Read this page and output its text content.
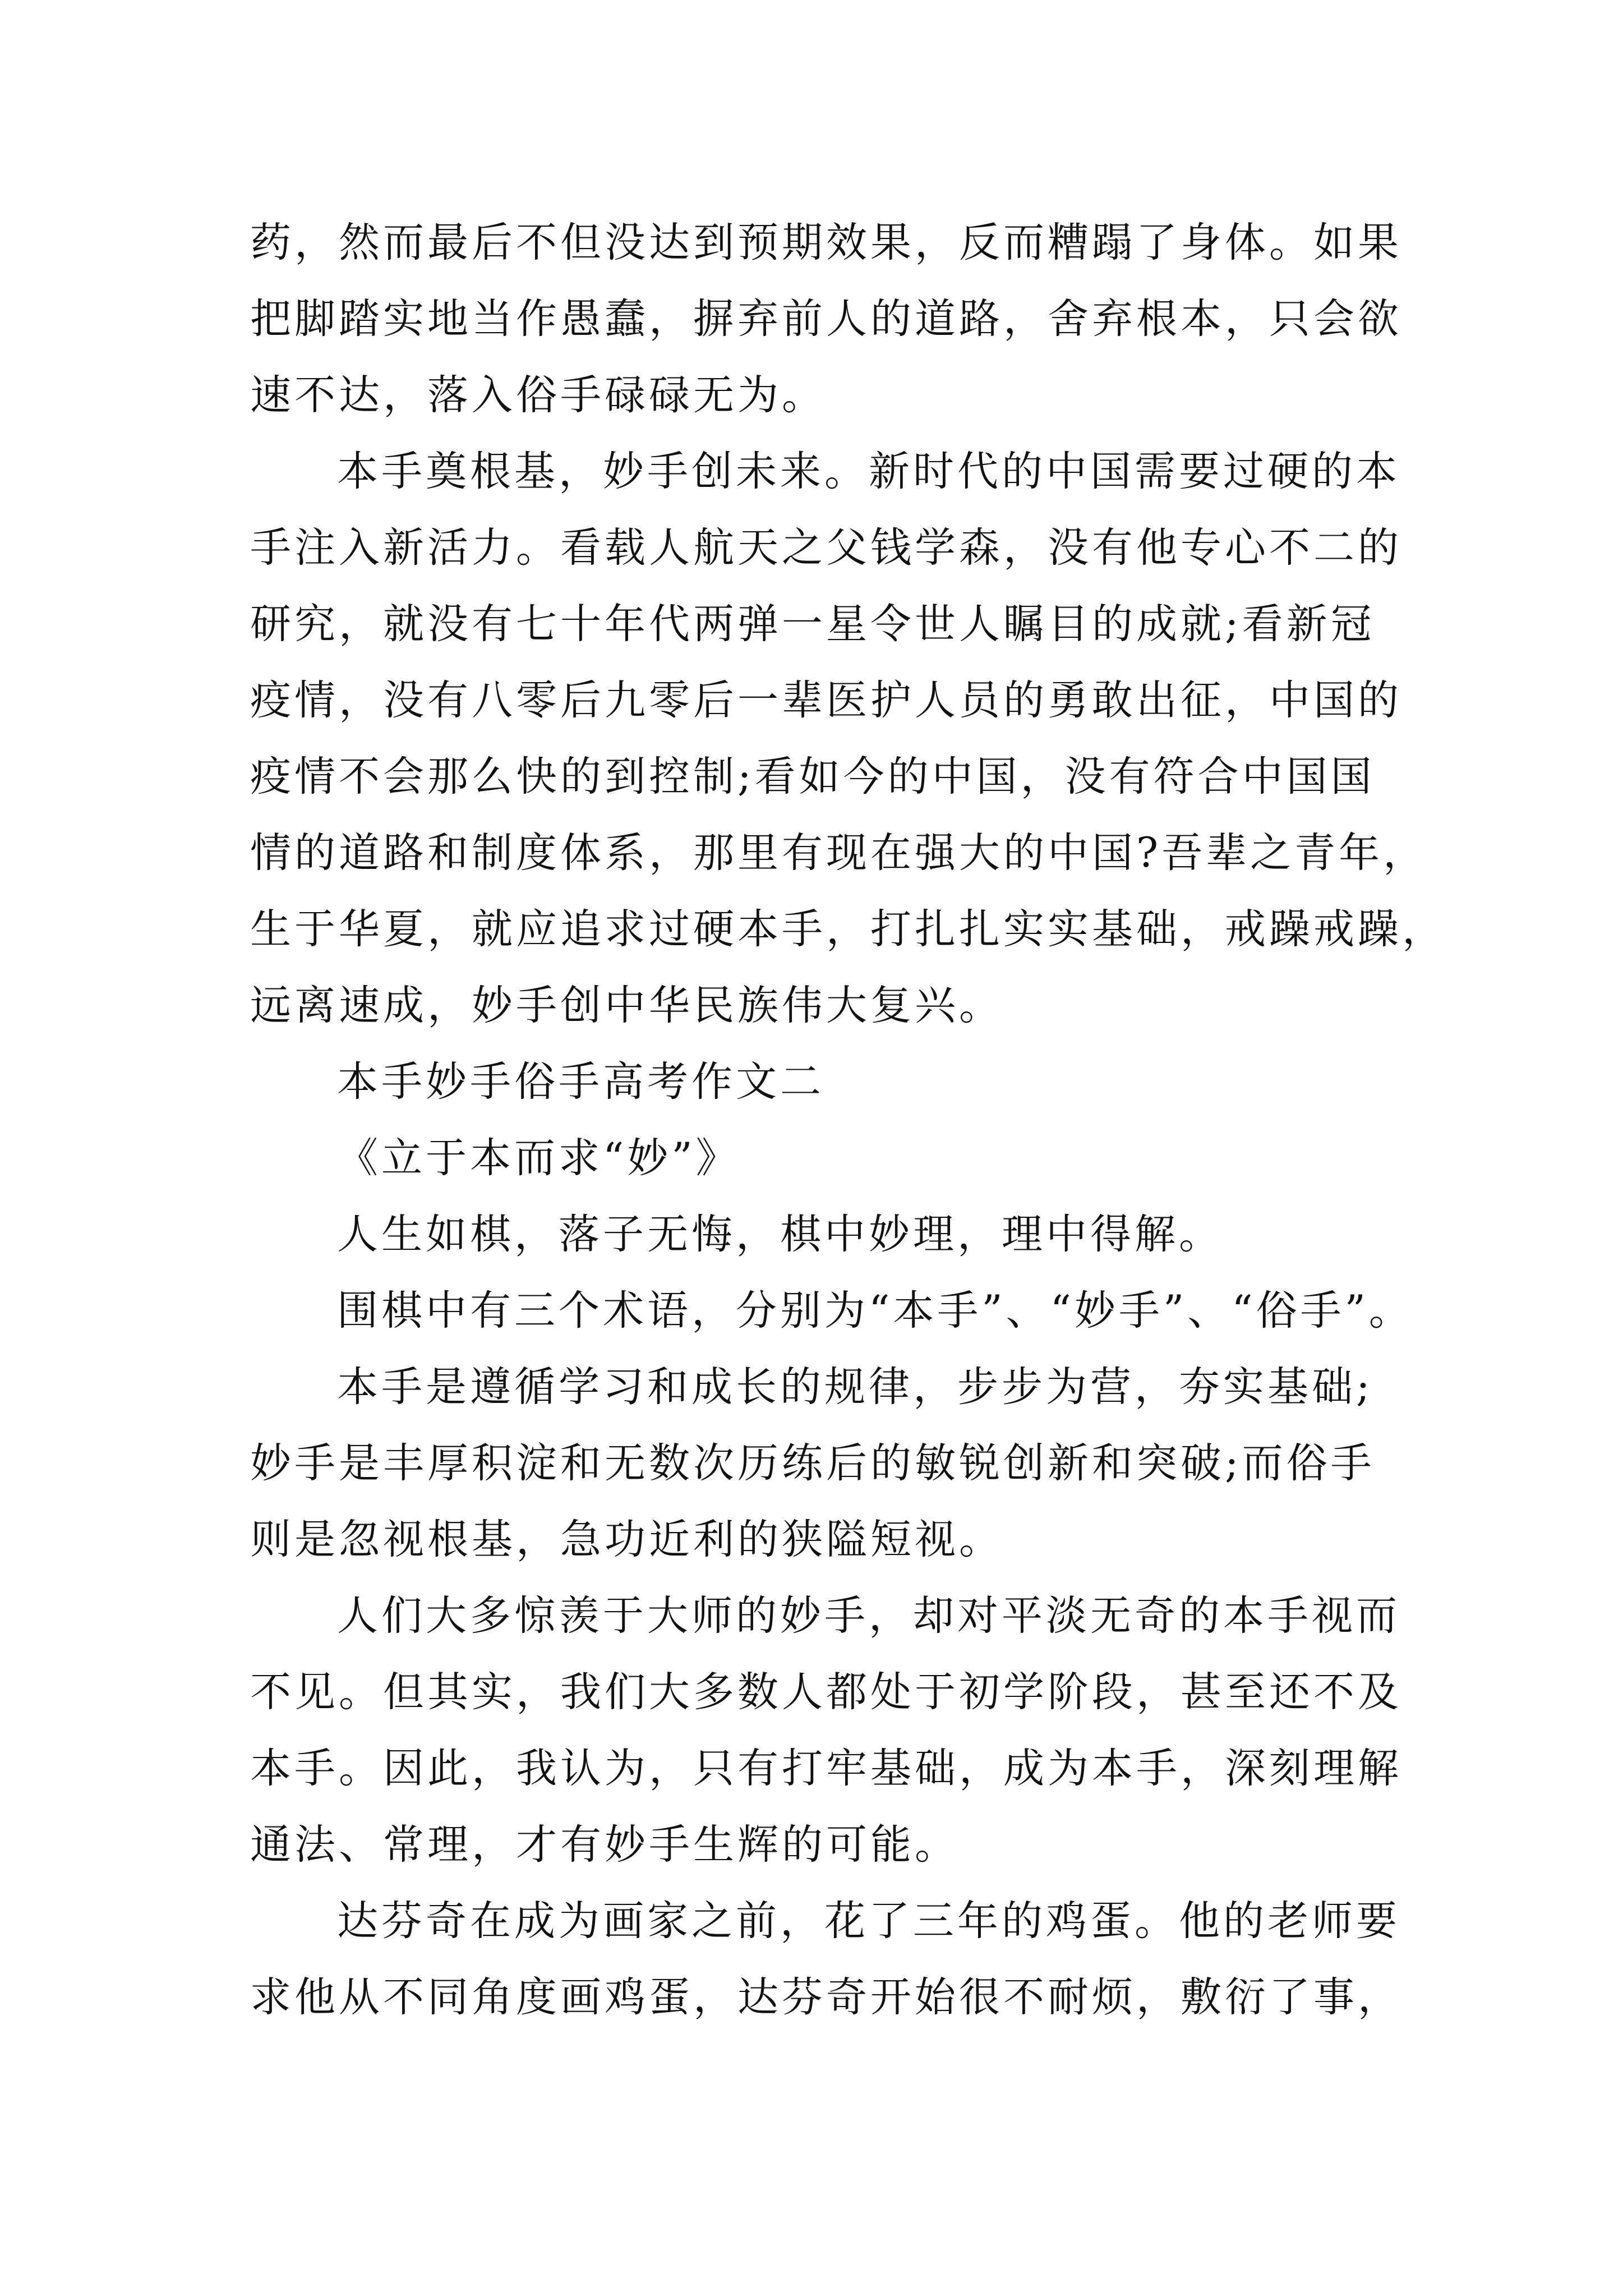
药，然而最后不但没达到预期效果，反而糟蹋了身体。如果
把脚踏实地当作愚蠢，摒弃前人的道路，舍弃根本，只会欲
速不达，落入俗手碌碌无为。
本手奠根基，妙手创未来。新时代的中国需要过硬的本
手注入新活力。看载人航天之父钱学森，没有他专心不二的
研究，就没有七十年代两弹一星令世人瞩目的成就;看新冠
疫情，没有八零后九零后一辈医护人员的勇敢出征，中国的
疫情不会那么快的到控制;看如今的中国，没有符合中国国
情的道路和制度体系，那里有现在强大的中国?吾辈之青年，
生于华夏，就应追求过硬本手，打扎扎实实基础，戒躁戒躁，
远离速成，妙手创中华民族伟大复兴。
本手妙手俗手高考作文二
《立于本而求“妙”》
人生如棋，落子无悔，棋中妙理，理中得解。
围棋中有三个术语，分别为“本手”、“妙手”、“俗手”。
本手是遵循学习和成长的规律，步步为营，夯实基础;
妙手是丰厚积淀和无数次历练后的敏锐创新和突破;而俗手
则是忽视根基，急功近利的狭隘短视。
人们大多惊羡于大师的妙手，却对平淡无奇的本手视而
不见。但其实，我们大多数人都处于初学阶段，甚至还不及
本手。因此，我认为，只有打牢基础，成为本手，深刻理解
通法、常理，才有妙手生辉的可能。
达芬奇在成为画家之前，花了三年的鸡蛋。他的老师要
求他从不同角度画鸡蛋，达芬奇开始很不耐烦，敷衍了事，
